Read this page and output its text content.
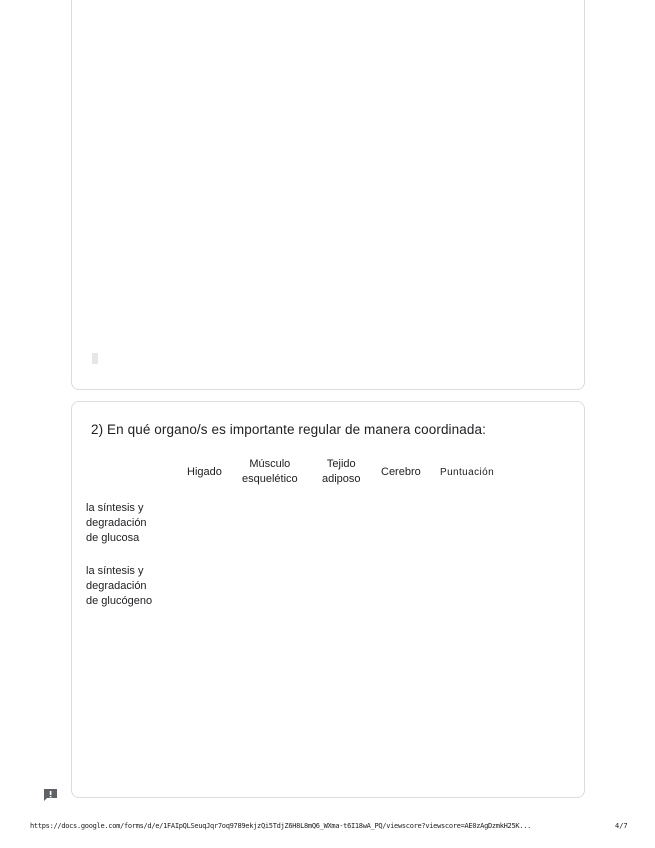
2) En qué organo/s es importante regular de manera coordinada:
Higado
Músculo
esquelético
Tejido
adiposo
Cerebro Puntuación
la síntesis y
degradación
de glucosa
la síntesis y
degradación
de glucógeno
https://docs.google.com/forms/d/e/1FAIpQLSeuqJqr7oq9789ekjzQi5TdjZ6H8L8mQ6_WXma-t6I18wA_PQ/viewscore?viewscore=AE0zAgDzmkH25K...	4/7
